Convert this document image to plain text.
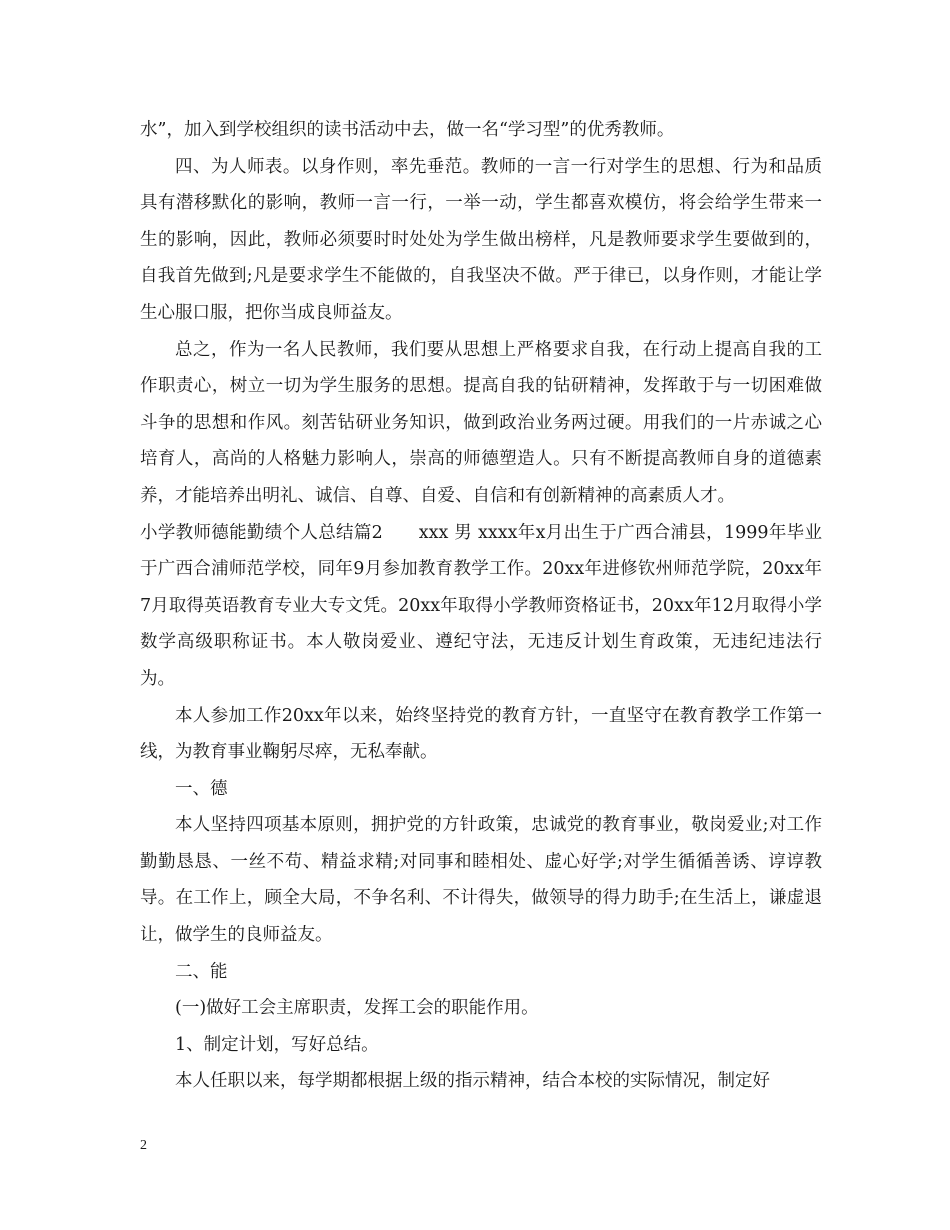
水”，加入到学校组织的读书活动中去，做一名“学习型”的优秀教师。

四、为人师表。以身作则，率先垂范。教师的一言一行对学生的思想、行为和品质具有潜移默化的影响，教师一言一行，一举一动，学生都喜欢模仿，将会给学生带来一生的影响，因此，教师必须要时时处处为学生做出榜样，凡是教师要求学生要做到的，自我首先做到;凡是要求学生不能做的，自我坚决不做。严于律已，以身作则，才能让学生心服口服，把你当成良师益友。

总之，作为一名人民教师，我们要从思想上严格要求自我，在行动上提高自我的工作职责心，树立一切为学生服务的思想。提高自我的钻研精神，发挥敢于与一切困难做斗争的思想和作风。刻苦钻研业务知识，做到政治业务两过硬。用我们的一片赤诚之心培育人，高尚的人格魅力影响人，崇高的师德塑造人。只有不断提高教师自身的道德素养，才能培养出明礼、诚信、自尊、自爱、自信和有创新精神的高素质人才。

小学教师德能勤绩个人总结篇2　　xxx 男 xxxx年x月出生于广西合浦县，1999年毕业于广西合浦师范学校，同年9月参加教育教学工作。20xx年进修钦州师范学院，20xx年7月取得英语教育专业大专文凭。20xx年取得小学教师资格证书，20xx年12月取得小学数学高级职称证书。本人敬岗爱业、遵纪守法，无违反计划生育政策，无违纪违法行为。

本人参加工作20xx年以来，始终坚持党的教育方针，一直坚守在教育教学工作第一线，为教育事业鞠躬尽瘁，无私奉献。

一、德

本人坚持四项基本原则，拥护党的方针政策，忠诚党的教育事业，敬岗爱业;对工作勤勤恳恳、一丝不苟、精益求精;对同事和睦相处、虚心好学;对学生循循善诱、谆谆教导。在工作上，顾全大局，不争名利、不计得失，做领导的得力助手;在生活上，谦虚退让，做学生的良师益友。

二、能

(一)做好工会主席职责，发挥工会的职能作用。

1、制定计划，写好总结。

本人任职以来，每学期都根据上级的指示精神，结合本校的实际情况，制定好

2
